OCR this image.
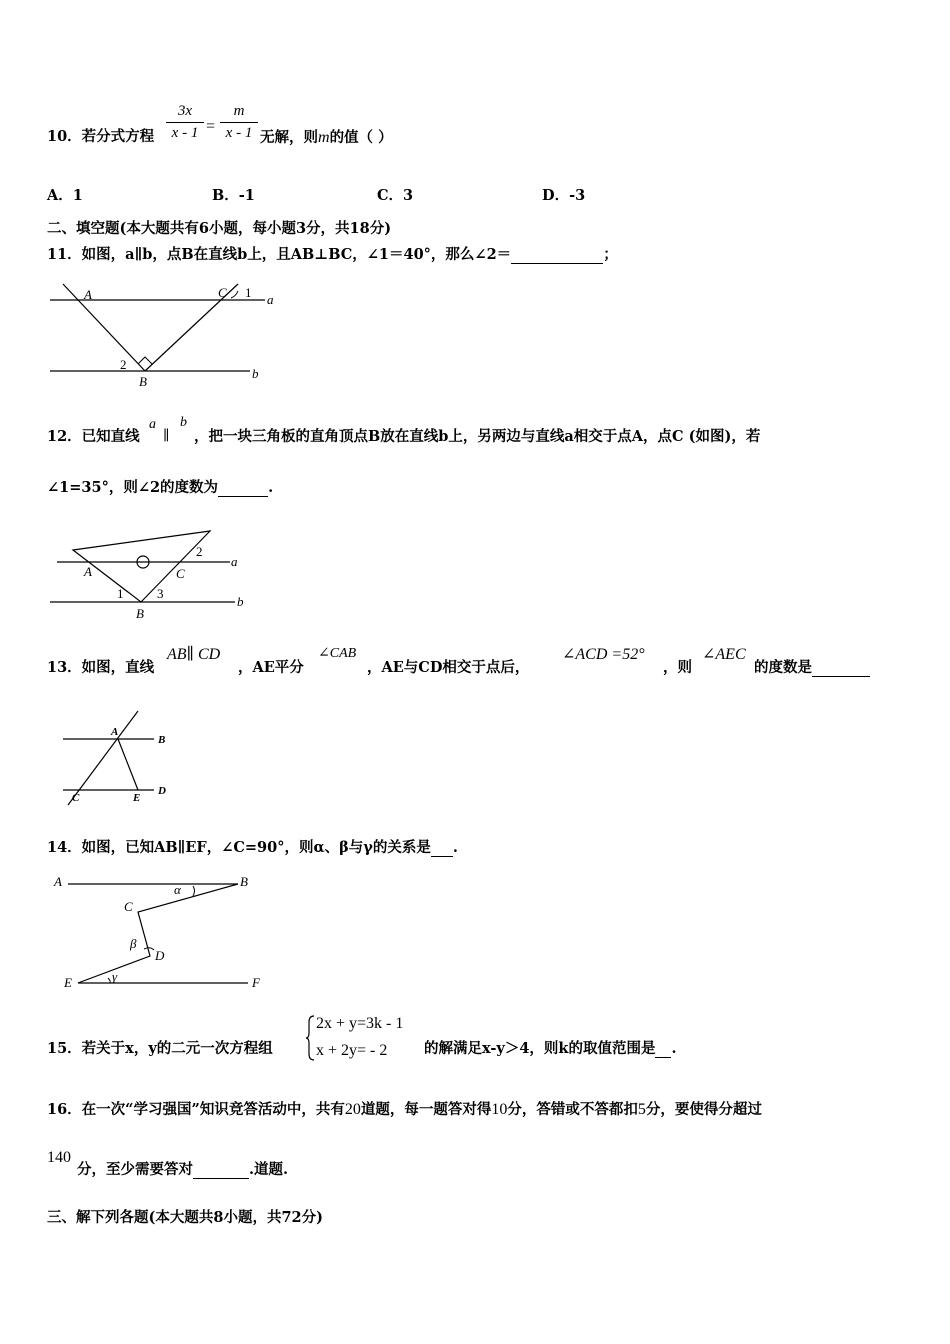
10．若分式方程 $\frac{3x}{x - 1} = \frac{m}{x - 1}$ 无解，则m的值（ ）
A．1	B．-1	C．3	D．-3
二、填空题(本大题共有6小题，每小题3分，共18分)
11．如图，a∥b，点B在直线b上，且AB⊥BC，∠1＝40°，那么∠2＝	；
A	C 1 a
2
B
b
12．已知直线
a
∥
b
，把一块三角板的直角顶点B放在直线b上，另两边与直线a相交于点A，点C (如图)，若
∠1=35°，则∠2的度数为	.
A	C
2
a
1	3
B
b
13．如图，直线
AB∥ CD
，AE平分
∠CAB
，AE与CD相交于点后，
∠ACD =52°
，则
∠AEC
的度数是
A
B
C	E
D
14．如图，已知AB∥EF，∠C=90°，则α、β与γ的关系是 .
A	B
α
C
β
D
E	γ	F
15．若关于x，y的二元一次方程组
2x + y=3k - 1
x + 2y= - 2	的解满足x-y＞4，则k的取值范围是 .
16．在一次“学习强国”知识竞答活动中，共有20道题，每一题答对得10分，答错或不答都扣5分，要使得分超过
140
分，至少需要答对	.道题.
三、解下列各题(本大题共8小题，共72分)
